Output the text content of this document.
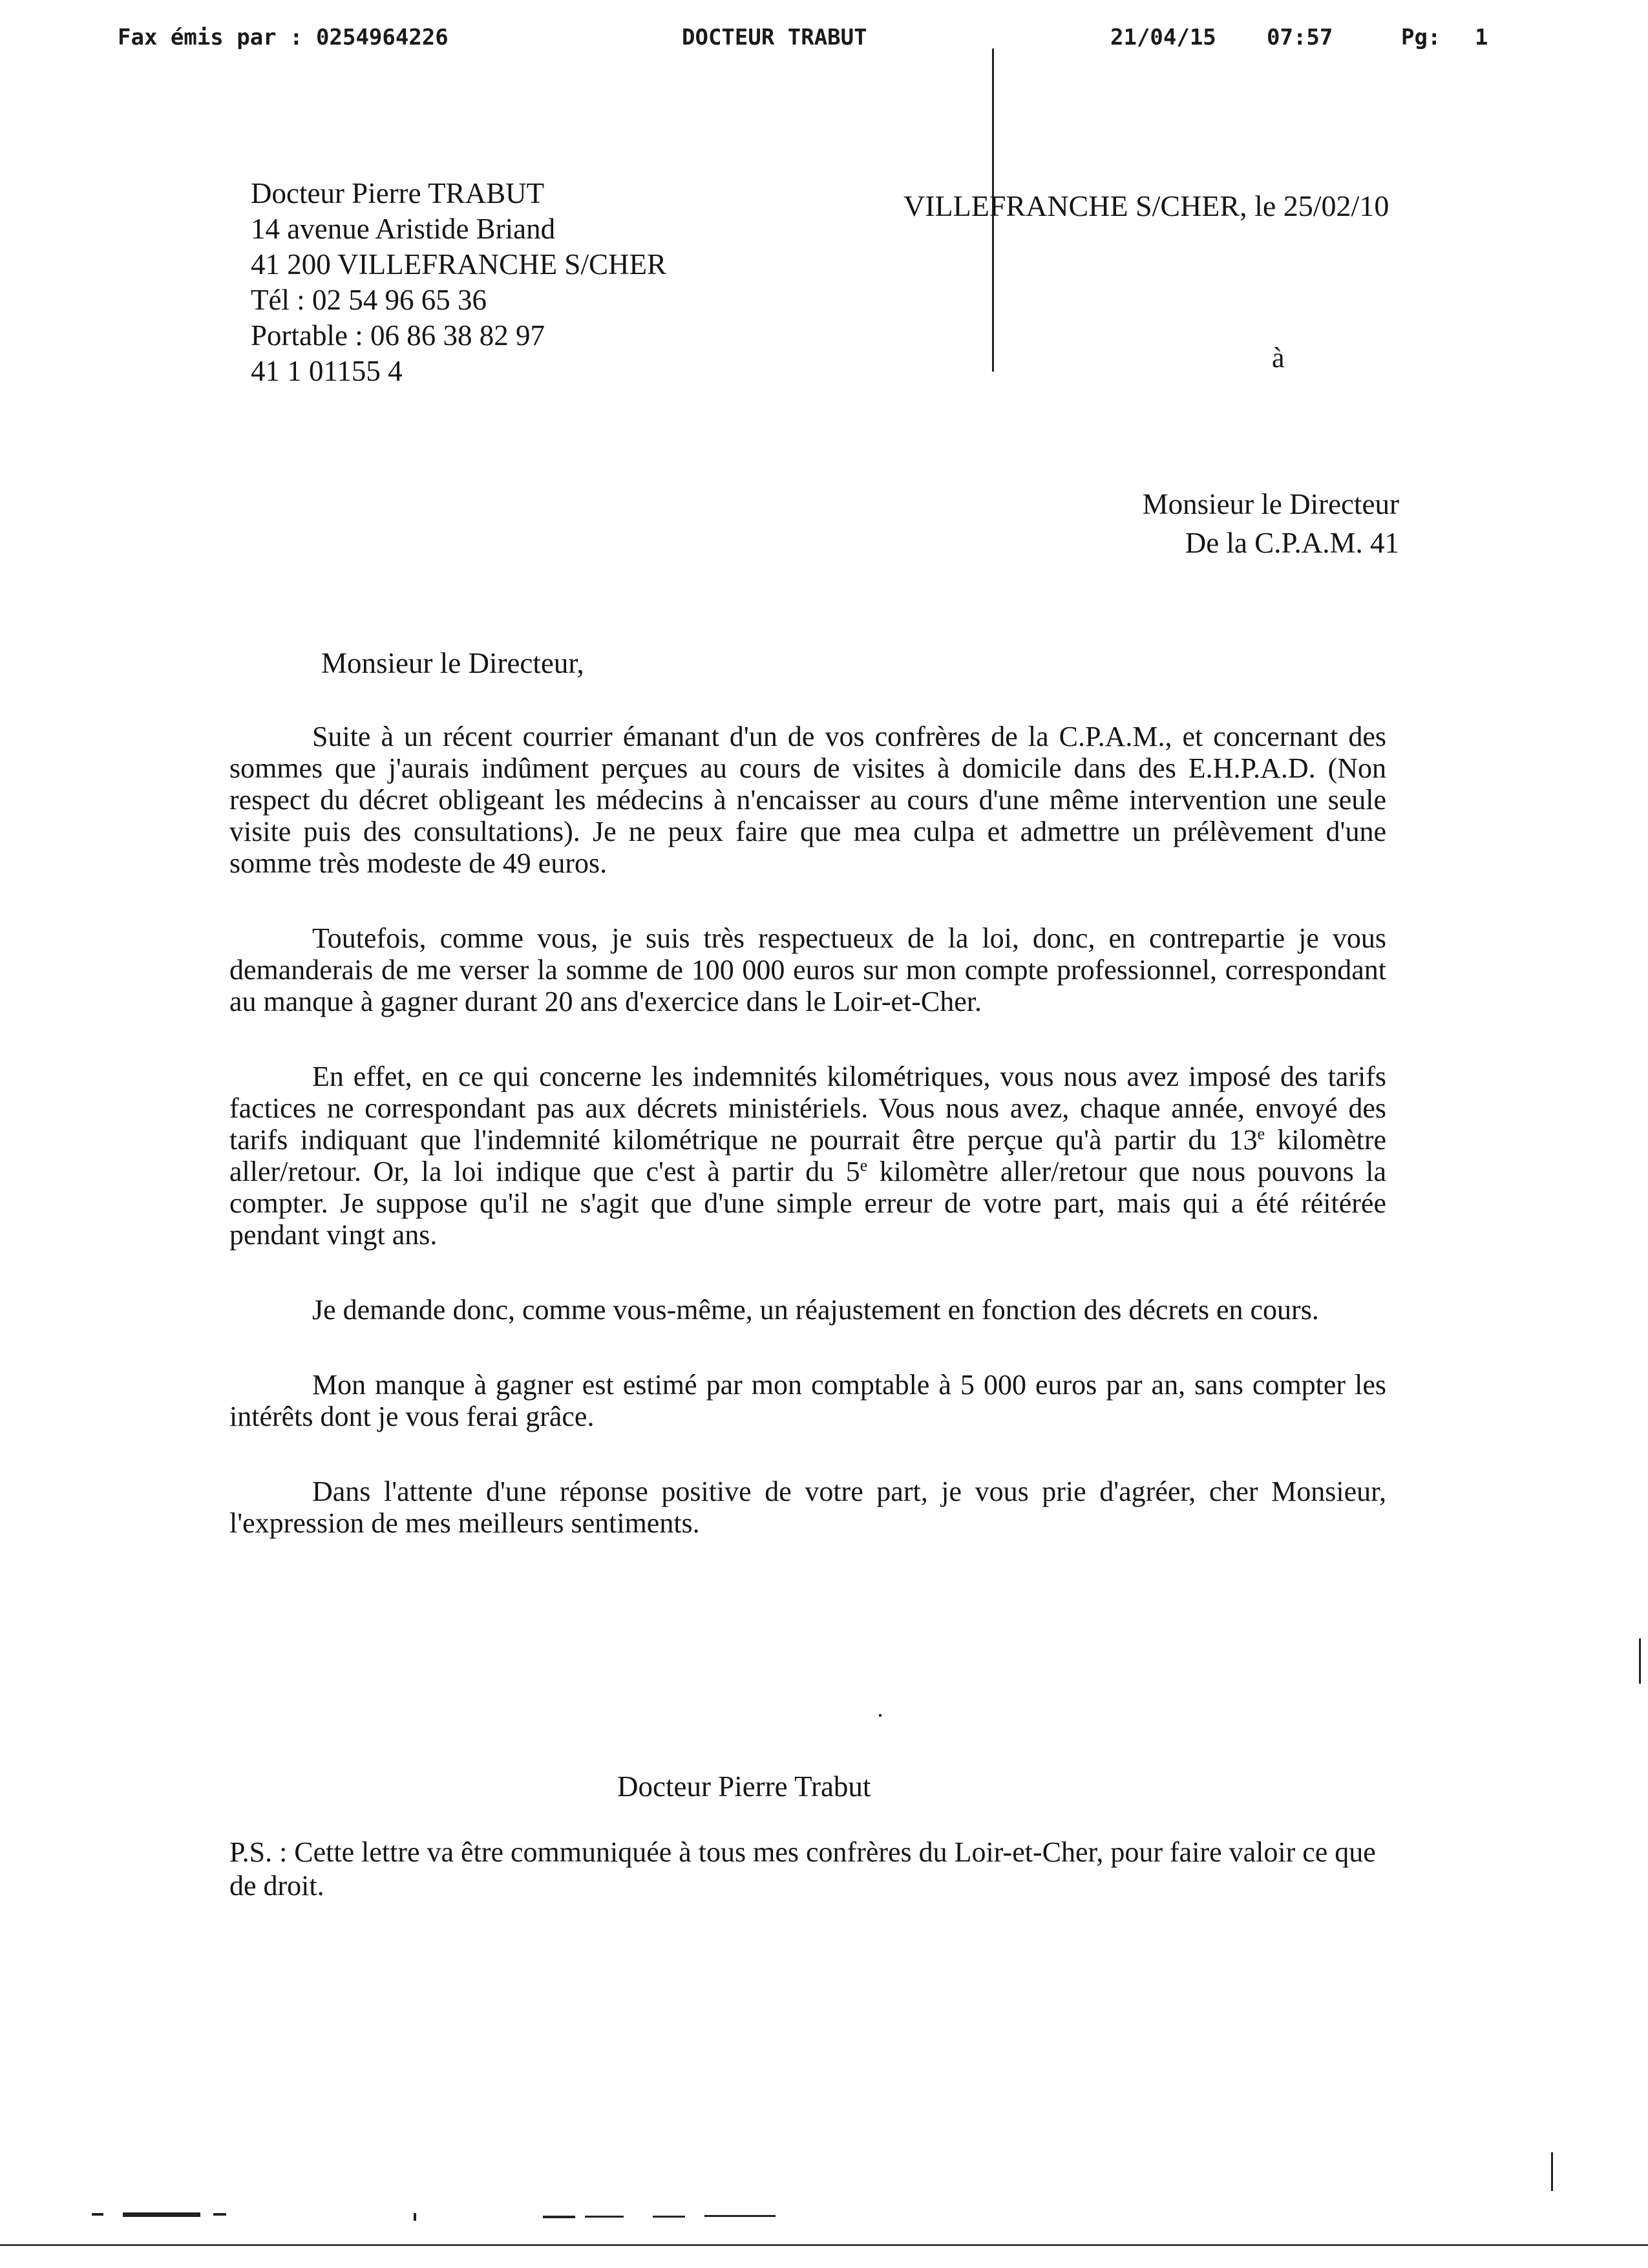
Fax émis par : 0254964226	DOCTEUR TRABUT	21/04/15 07:57	Pg: 1
Docteur Pierre TRABUT
14 avenue Aristide Briand
41 200 VILLEFRANCHE S/CHER
Tél : 02 54 96 65 36
Portable : 06 86 38 82 97
41 1 01155 4
VILLEFRANCHE S/CHER, le 25/02/10
à
Monsieur le Directeur
De la C.P.A.M. 41
Monsieur le Directeur,

Suite à un récent courrier émanant d'un de vos confrères de la C.P.A.M., et concernant des sommes que j'aurais indûment perçues au cours de visites à domicile dans des E.H.P.A.D. (Non respect du décret obligeant les médecins à n'encaisser au cours d'une même intervention une seule visite puis des consultations). Je ne peux faire que mea culpa et admettre un prélèvement d'une somme très modeste de 49 euros.

Toutefois, comme vous, je suis très respectueux de la loi, donc, en contrepartie je vous demanderais de me verser la somme de 100 000 euros sur mon compte professionnel, correspondant au manque à gagner durant 20 ans d'exercice dans le Loir-et-Cher.

En effet, en ce qui concerne les indemnités kilométriques, vous nous avez imposé des tarifs factices ne correspondant pas aux décrets ministériels. Vous nous avez, chaque année, envoyé des tarifs indiquant que l'indemnité kilométrique ne pourrait être perçue qu'à partir du 13e kilomètre aller/retour. Or, la loi indique que c'est à partir du 5e kilomètre aller/retour que nous pouvons la compter. Je suppose qu'il ne s'agit que d'une simple erreur de votre part, mais qui a été réitérée pendant vingt ans.

Je demande donc, comme vous-même, un réajustement en fonction des décrets en cours.

Mon manque à gagner est estimé par mon comptable à 5 000 euros par an, sans compter les intérêts dont je vous ferai grâce.

Dans l'attente d'une réponse positive de votre part, je vous prie d'agréer, cher Monsieur, l'expression de mes meilleurs sentiments.

Docteur Pierre Trabut
P.S. : Cette lettre va être communiquée à tous mes confrères du Loir-et-Cher, pour faire valoir ce que de droit.
